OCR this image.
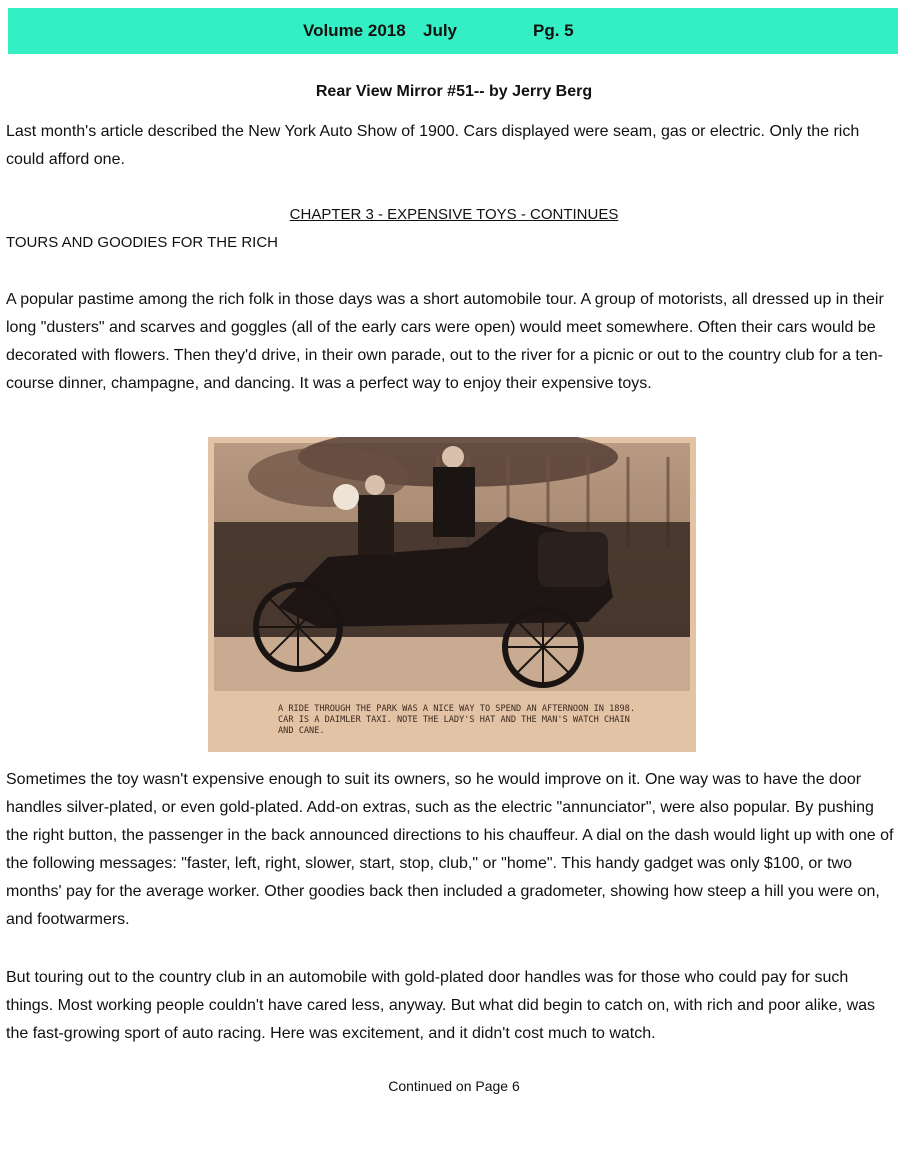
Volume 2018	July	Pg. 5
Rear View Mirror #51-- by Jerry Berg

Last month's article described the New York Auto Show of 1900. Cars displayed were seam, gas or electric. Only the rich could afford one.

CHAPTER 3 - EXPENSIVE TOYS - CONTINUES
TOURS AND GOODIES FOR THE RICH

A popular pastime among the rich folk in those days was a short automobile tour. A group of motorists, all dressed up in their long "dusters" and scarves and goggles (all of the early cars were open) would meet somewhere. Often their cars would be decorated with flowers. Then they'd drive, in their own parade, out to the river for a picnic or out to the country club for a ten-course dinner, champagne, and dancing. It was a perfect way to enjoy their expensive toys.

A RIDE THROUGH THE PARK WAS A NICE WAY TO SPEND AN AFTERNOON IN 1898. CAR IS A DAIMLER TAXI. NOTE THE LADY'S HAT AND THE MAN'S WATCH CHAIN AND CANE.

Sometimes the toy wasn't expensive enough to suit its owners, so he would improve on it. One way was to have the door handles silver-plated, or even gold-plated. Add-on extras, such as the electric "annunciator", were also popular. By pushing the right button, the passenger in the back announced directions to his chauffeur. A dial on the dash would light up with one of the following messages: "faster, left, right, slower, start, stop, club," or "home". This handy gadget was only $100, or two months' pay for the average worker. Other goodies back then included a gradometer, showing how steep a hill you were on, and footwarmers.

But touring out to the country club in an automobile with gold-plated door handles was for those who could pay for such things. Most working people couldn't have cared less, anyway. But what did begin to catch on, with rich and poor alike, was the fast-growing sport of auto racing. Here was excitement, and it didn't cost much to watch.

Continued on Page 6
